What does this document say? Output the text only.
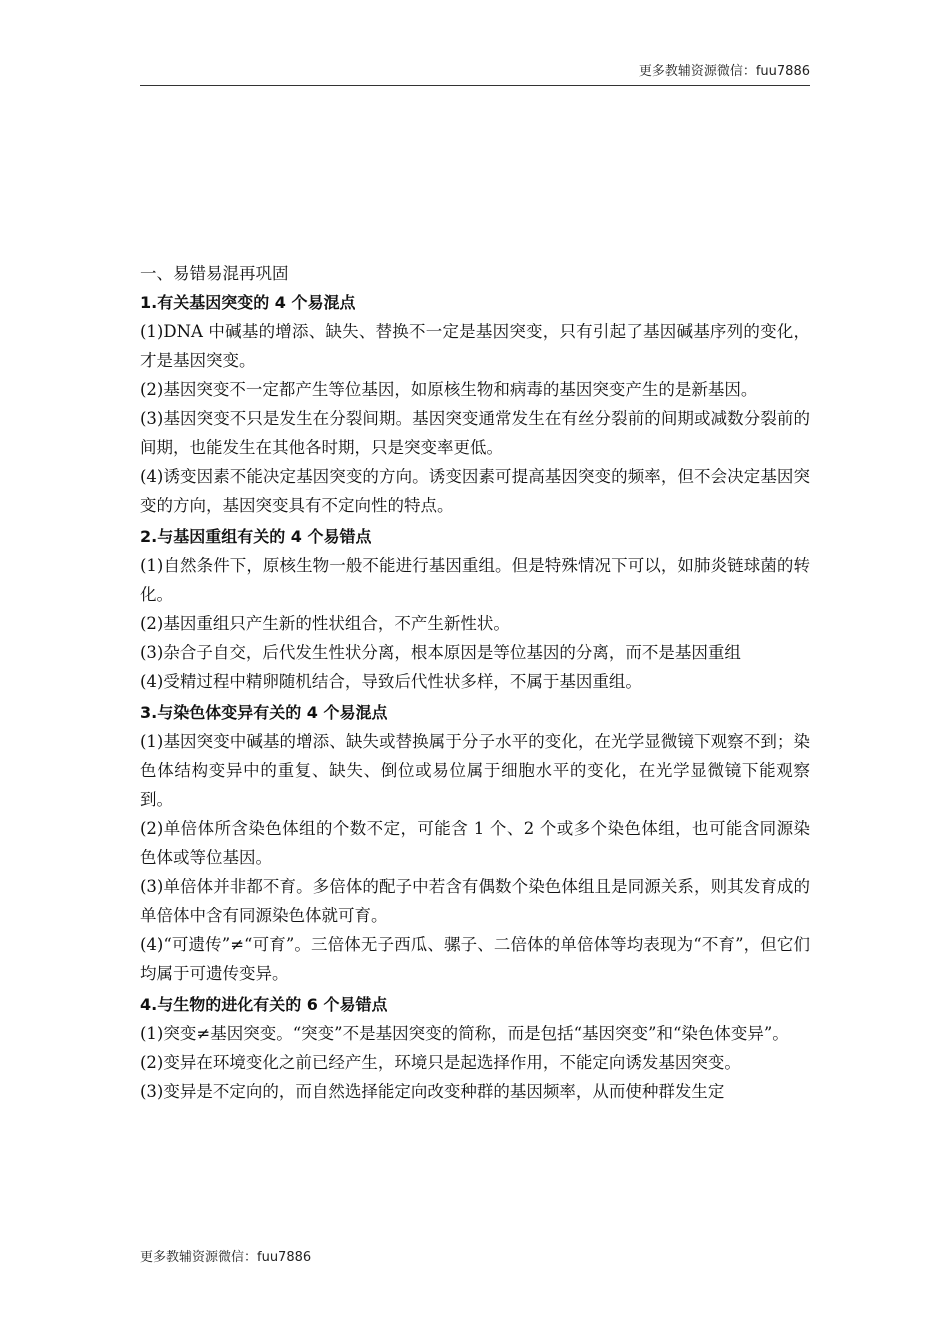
更多教辅资源微信：fuu7886

一、易错易混再巩固

1.有关基因突变的 4 个易混点

(1)DNA 中碱基的增添、缺失、替换不一定是基因突变，只有引起了基因碱基序列的变化，才是基因突变。

(2)基因突变不一定都产生等位基因，如原核生物和病毒的基因突变产生的是新基因。

(3)基因突变不只是发生在分裂间期。基因突变通常发生在有丝分裂前的间期或减数分裂前的间期，也能发生在其他各时期，只是突变率更低。

(4)诱变因素不能决定基因突变的方向。诱变因素可提高基因突变的频率，但不会决定基因突变的方向，基因突变具有不定向性的特点。

2.与基因重组有关的 4 个易错点

(1)自然条件下，原核生物一般不能进行基因重组。但是特殊情况下可以，如肺炎链球菌的转化。

(2)基因重组只产生新的性状组合，不产生新性状。

(3)杂合子自交，后代发生性状分离，根本原因是等位基因的分离，而不是基因重组

(4)受精过程中精卵随机结合，导致后代性状多样，不属于基因重组。

3.与染色体变异有关的 4 个易混点

(1)基因突变中碱基的增添、缺失或替换属于分子水平的变化，在光学显微镜下观察不到；染色体结构变异中的重复、缺失、倒位或易位属于细胞水平的变化，在光学显微镜下能观察到。

(2)单倍体所含染色体组的个数不定，可能含 1 个、2 个或多个染色体组，也可能含同源染色体或等位基因。

(3)单倍体并非都不育。多倍体的配子中若含有偶数个染色体组且是同源关系，则其发育成的单倍体中含有同源染色体就可育。

(4)“可遗传”≠“可育”。三倍体无子西瓜、骡子、二倍体的单倍体等均表现为“不育”，但它们均属于可遗传变异。

4.与生物的进化有关的 6 个易错点

(1)突变≠基因突变。“突变”不是基因突变的简称，而是包括“基因突变”和“染色体变异”。

(2)变异在环境变化之前已经产生，环境只是起选择作用，不能定向诱发基因突变。

(3)变异是不定向的，而自然选择能定向改变种群的基因频率，从而使种群发生定

更多教辅资源微信：fuu7886
